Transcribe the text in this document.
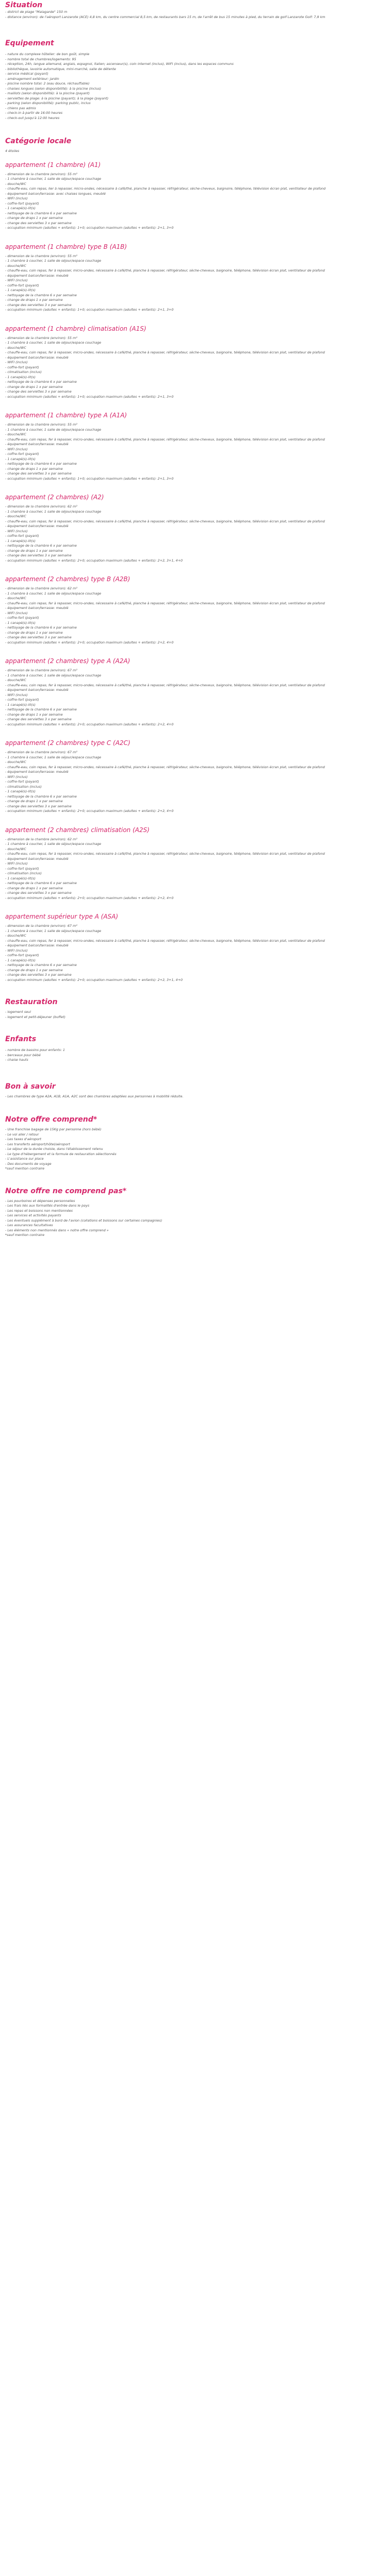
Situation
- district de plage "Malagarde" 150 m
- distance (environ): de l'aéroport Lanzarote (ACE) 4,8 km, du centre commercial 8,5 km, de restaurants bars 15 m, de l'arrêt de bus 15 minutes à pied, du terrain de golf Lanzarote Golf: 7,9 km
Equipement
- nature du complexe hôtelier: de bon goût, simple
- nombre total de chambres/logements: 95
- réception, 24h, langue allemand, anglais, espagnol, italien; ascenseur(s), coin internet (inclus), WIFI (inclus), dans les espaces communs
- bibliothèque, lavoirie automatique, mini-marché, salle de détente
- service médical (payant)
- aménagement extérieur: jardin
- piscine nombre total: 2 (eau douce, réchauffable)
- chaises longues (selon disponibilité): à la piscine (inclus)
- maillots (selon disponibilité): à la piscine (payant)
- serviettes de plage: à la piscine (payant); à la plage (payant)
- parking (selon disponibilité): parking public, inclus
- chiens pas admis
- check-in à partir de 16:00 heures
- check-out jusqu'à 12:00 heures
Catégorie locale
4 étoiles
appartement (1 chambre) (A1)
- dimension de la chambre (environ): 55 m²
- 1 chambre à coucher, 1 salle de séjour/espace couchage
- douche/WC
- chauffe-eau, coin repas, lier à repasser, micro-ondes, nécessaire à café/thé, planche à repasser, réfrigérateur, sèche-cheveux, baignoire, téléphone, télévision écran plat, ventilateur de plafond
- équipement balcon/terrasse: avec chaises longues, meublé
- WIFI (inclus)
- coffre-fort (payant)
- 1 canapé(s)-lit(s)
- nettoyage de la chambre 6 x par semaine
- change de draps 1 x par semaine
- change des serviettes 3 x par semaine
- occupation minimum (adultes + enfants): 1+0; occupation maximum (adultes + enfants): 2+1, 3+0
appartement (1 chambre) type B (A1B)
- dimension de la chambre (environ): 55 m²
- 1 chambre à coucher, 1 salle de séjour/espace couchage
- douche/WC
- chauffe-eau, coin repas, fer à repasser, micro-ondes, nécessaire à café/thé, planche à repasser, réfrigérateur, sèche-cheveux, baignoire, téléphone, télévision écran plat, ventilateur de plafond
- équipement balcon/terrasse: meublé
- WIFI (inclus)
- coffre-fort (payant)
- 1 canapé(s)-lit(s)
- nettoyage de la chambre 6 x par semaine
- change de draps 1 x par semaine
- change des serviettes 3 x par semaine
- occupation minimum (adultes + enfants): 1+0; occupation maximum (adultes + enfants): 2+1, 3+0
appartement (1 chambre) climatisation (A1S)
- dimension de la chambre (environ): 55 m²
- 1 chambre à coucher, 1 salle de séjour/espace couchage
- douche/WC
- chauffe-eau, coin repas, fer à repasser, micro-ondes, nécessaire à café/thé, planche à repasser, réfrigérateur, sèche-cheveux, baignoire, téléphone, télévision écran plat, ventilateur de plafond
- équipement balcon/terrasse: meublé
- WIFI (inclus)
- coffre-fort (payant)
- climatisation (inclus)
- 1 canapé(s)-lit(s)
- nettoyage de la chambre 6 x par semaine
- change de draps 1 x par semaine
- change des serviettes 3 x par semaine
- occupation minimum (adultes + enfants): 1+0; occupation maximum (adultes + enfants): 2+1, 3+0
appartement (1 chambre) type A (A1A)
- dimension de la chambre (environ): 55 m²
- 1 chambre à coucher, 1 salle de séjour/espace couchage
- douche/WC
- chauffe-eau, coin repas, fer à repasser, micro-ondes, nécessaire à café/thé, planche à repasser, réfrigérateur, sèche-cheveux, baignoire, téléphone, télévision écran plat, ventilateur de plafond
- équipement balcon/terrasse: meublé
- WIFI (inclus)
- coffre-fort (payant)
- 1 canapé(s)-lit(s)
- nettoyage de la chambre 6 x par semaine
- change de draps 1 x par semaine
- change des serviettes 3 x par semaine
- occupation minimum (adultes + enfants): 1+0; occupation maximum (adultes + enfants): 2+1, 3+0
appartement (2 chambres) (A2)
- dimension de la chambre (environ): 62 m²
- 1 chambre à coucher, 1 salle de séjour/espace couchage
- douche/WC
- chauffe-eau, coin repas, fer à repasser, micro-ondes, nécessaire à café/thé, planche à repasser, réfrigérateur, sèche-cheveux, baignoire, téléphone, télévision écran plat, ventilateur de plafond
- équipement balcon/terrasse: meublé
- WIFI (inclus)
- coffre-fort (payant)
- 1 canapé(s)-lit(s)
- nettoyage de la chambre 6 x par semaine
- change de draps 1 x par semaine
- change des serviettes 3 x par semaine
- occupation minimum (adultes + enfants): 2+0; occupation maximum (adultes + enfants): 2+2, 3+1, 4+0
appartement (2 chambres) type B (A2B)
- dimension de la chambre (environ): 62 m²
- 1 chambre à coucher, 1 salle de séjour/espace couchage
- douche/WC
- chauffe-eau, coin repas, fer à repasser, micro-ondes, nécessaire à café/thé, planche à repasser, réfrigérateur, sèche-cheveux, baignoire, téléphone, télévision écran plat, ventilateur de plafond
- équipement balcon/terrasse: meublé
- WIFI (inclus)
- coffre-fort (payant)
- 1 canapé(s)-lit(s)
- nettoyage de la chambre 6 x par semaine
- change de draps 1 x par semaine
- change des serviettes 3 x par semaine
- occupation minimum (adultes + enfants): 2+0; occupation maximum (adultes + enfants): 2+2, 4+0
appartement (2 chambres) type A (A2A)
- dimension de la chambre (environ): 67 m²
- 1 chambre à coucher, 1 salle de séjour/espace couchage
- douche/WC
- chauffe-eau, coin repas, fer à repasser, micro-ondes, nécessaire à café/thé, planche à repasser, réfrigérateur, sèche-cheveux, baignoire, téléphone, télévision écran plat, ventilateur de plafond
- équipement balcon/terrasse: meublé
- WIFI (inclus)
- coffre-fort (payant)
- 1 canapé(s)-lit(s)
- nettoyage de la chambre 6 x par semaine
- change de draps 1 x par semaine
- change des serviettes 3 x par semaine
- occupation minimum (adultes + enfants): 2+0; occupation maximum (adultes + enfants): 2+2, 4+0
appartement (2 chambres) type C (A2C)
- dimension de la chambre (environ): 67 m²
- 1 chambre à coucher, 1 salle de séjour/espace couchage
- douche/WC
- chauffe-eau, coin repas, fer à repasser, micro-ondes, nécessaire à café/thé, planche à repasser, réfrigérateur, sèche-cheveux, baignoire, téléphone, télévision écran plat, ventilateur de plafond
- équipement balcon/terrasse: meublé
- WIFI (inclus)
- coffre-fort (payant)
- climatisation (inclus)
- 1 canapé(s)-lit(s)
- nettoyage de la chambre 6 x par semaine
- change de draps 1 x par semaine
- change des serviettes 3 x par semaine
- occupation minimum (adultes + enfants): 2+0; occupation maximum (adultes + enfants): 2+2, 4+0
appartement (2 chambres) climatisation (A2S)
- dimension de la chambre (environ): 62 m²
- 1 chambre à coucher, 1 salle de séjour/espace couchage
- douche/WC
- chauffe-eau, coin repas, fer à repasser, micro-ondes, nécessaire à café/thé, planche à repasser, réfrigérateur, sèche-cheveux, baignoire, téléphone, télévision écran plat, ventilateur de plafond
- équipement balcon/terrasse: meublé
- WIFI (inclus)
- coffre-fort (payant)
- climatisation (inclus)
- 1 canapé(s)-lit(s)
- nettoyage de la chambre 6 x par semaine
- change de draps 1 x par semaine
- change des serviettes 3 x par semaine
- occupation minimum (adultes + enfants): 2+0; occupation maximum (adultes + enfants): 2+2, 4+0
appartement supérieur type A (ASA)
- dimension de la chambre (environ): 67 m²
- 1 chambre à coucher, 1 salle de séjour/espace couchage
- douche/WC
- chauffe-eau, coin repas, fer à repasser, micro-ondes, nécessaire à café/thé, planche à repasser, réfrigérateur, sèche-cheveux, baignoire, téléphone, télévision écran plat, ventilateur de plafond
- équipement balcon/terrasse: meublé
- WIFI (inclus)
- coffre-fort (payant)
- 1 canapé(s)-lit(s)
- nettoyage de la chambre 6 x par semaine
- change de draps 1 x par semaine
- change des serviettes 3 x par semaine
- occupation minimum (adultes + enfants): 2+0; occupation maximum (adultes + enfants): 2+2, 3+1, 4+0
Restauration
- logement seul
- logement et petit-déjeuner (buffet)
Enfants
- nombre de bassins pour enfants: 1
- berceaux pour bébé
- chaise hauts
Bon à savoir
- Les chambres de type A2A, A1B, A1A, A2C sont des chambres adaptées aux personnes à mobilité réduite.
Notre offre comprend*
- Une franchise bagage de 15Kg par personne (hors bébé)
- Le vol aller / retour
- Les taxes d'aéroport
- Les transferts aéroport/hôtel/aéroport
- Le séjour de la durée choisie, dans l'établissement retenu
- Le type d'hébergement et la formule de restauration sélectionnés
- L'assistance sur place
- Des documents de voyage
*sauf mention contraire
Notre offre ne comprend pas*
- Les pourboires et dépenses personnelles
- Les frais liés aux formalités d'entrée dans le pays
- Les repas et boissons non mentionnées
- Les services et activités payants
- Les éventuels supplément à bord de l'avion (collations et boissons sur certaines compagnies)
- Les assurances facultatives
- Les éléments non mentionnés dans « notre offre comprend »
*sauf mention contraire
